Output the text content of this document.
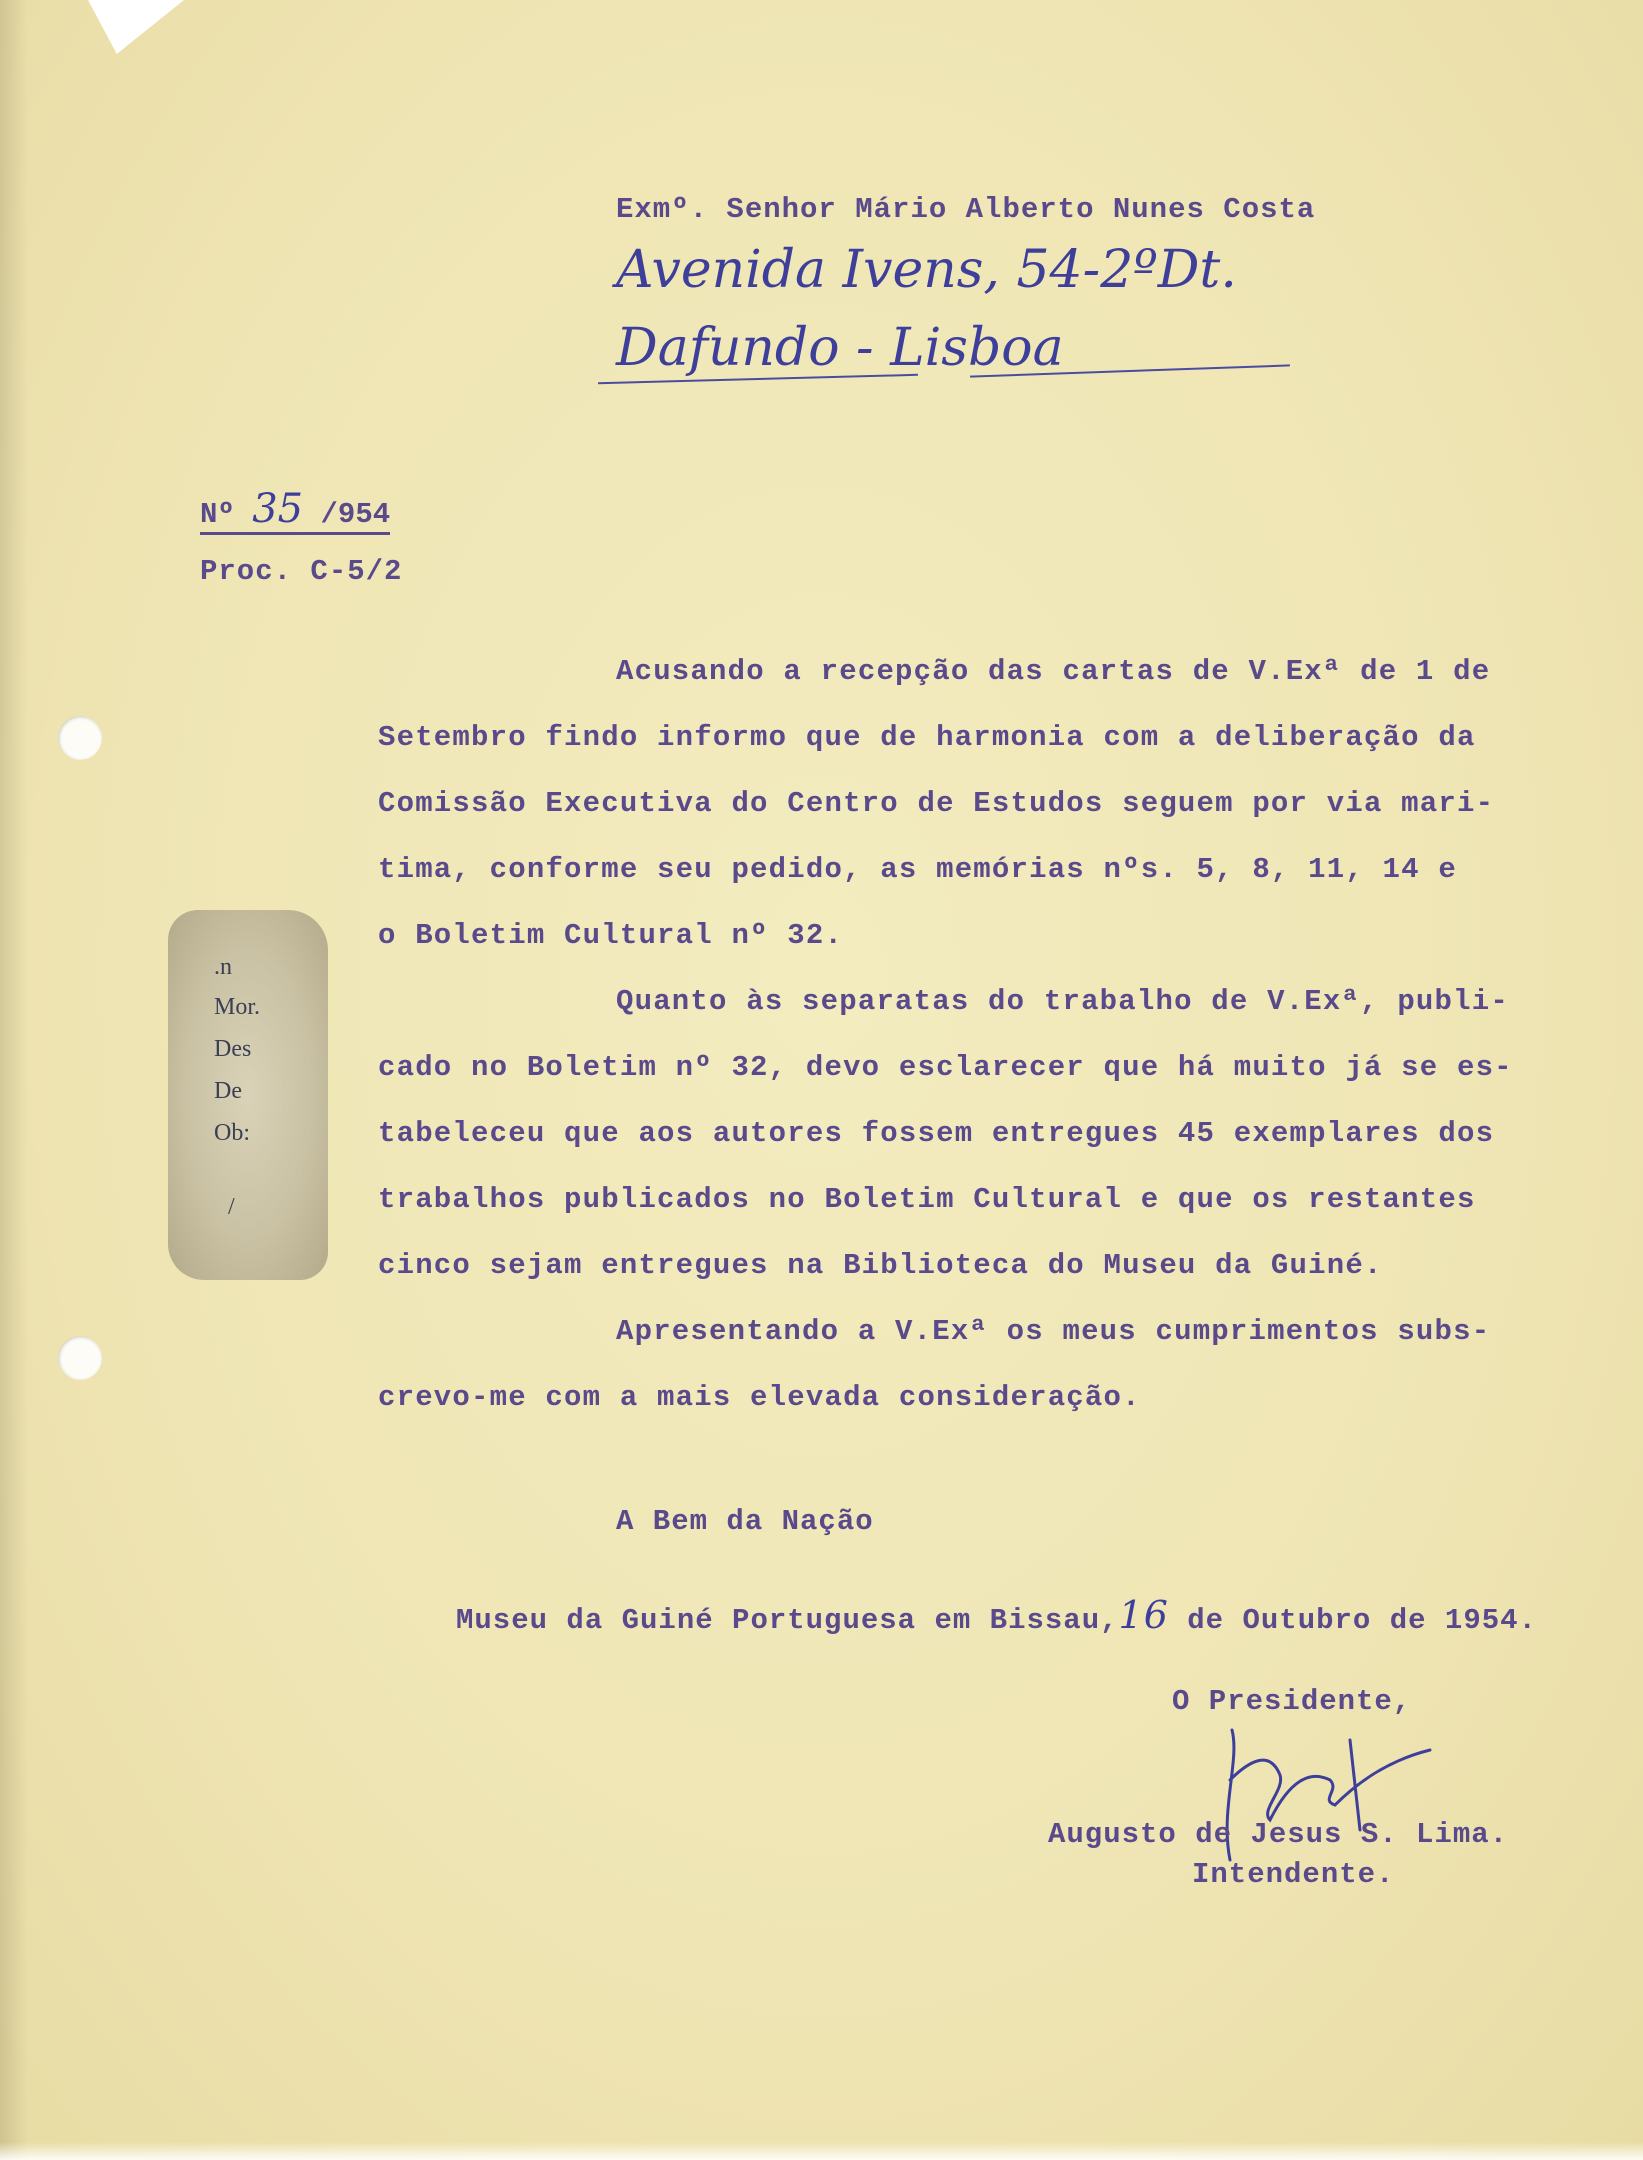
.n
Mor.
Des
De
Ob:
/
Exmº. Senhor Mário Alberto Nunes Costa
Avenida Ivens, 54-2ºDt.
Dafundo - Lisboa
Nº 35 /954
Proc. C-5/2
Acusando a recepção das cartas de V.Exª de 1 de
Setembro findo informo que de harmonia com a deliberação da
Comissão Executiva do Centro de Estudos seguem por via mari-
tima, conforme seu pedido, as memórias nºs. 5, 8, 11, 14 e
o Boletim Cultural nº 32.
Quanto às separatas do trabalho de V.Exª, publi-
cado no Boletim nº 32, devo esclarecer que há muito já se es-
tabeleceu que aos autores fossem entregues 45 exemplares dos
trabalhos publicados no Boletim Cultural e que os restantes
cinco sejam entregues na Biblioteca do Museu da Guiné.
Apresentando a V.Exª os meus cumprimentos subs-
crevo-me com a mais elevada consideração.
A Bem da Nação
Museu da Guiné Portuguesa em Bissau,16 de Outubro de 1954.
O Presidente,
Augusto de Jesus S. Lima.
Intendente.
